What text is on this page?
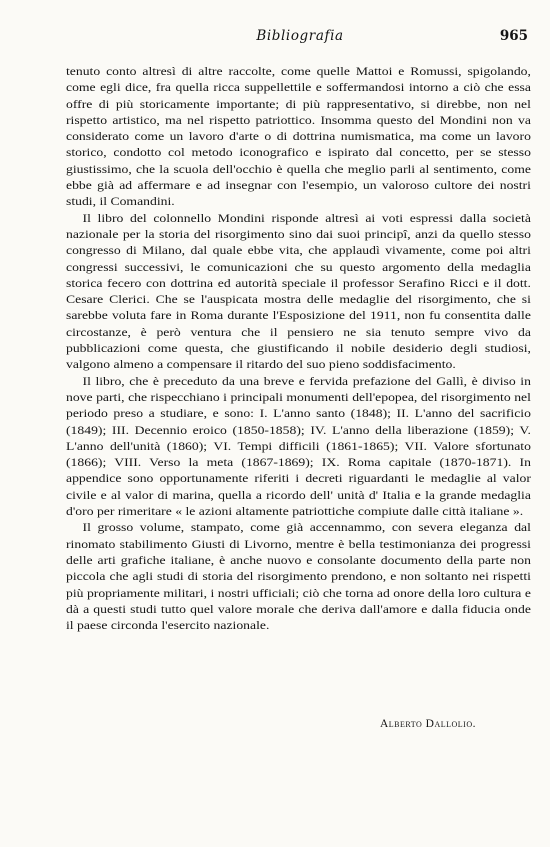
Bibliografia	965

tenuto conto altresì di altre raccolte, come quelle Mattoi e Romussi, spigolando, come egli dice, fra quella ricca suppellettile e soffermandosi intorno a ciò che essa offre di più storicamente importante; di più rappresentativo, si direbbe, non nel rispetto artistico, ma nel rispetto patriottico. Insomma questo del Mondini non va considerato come un lavoro d'arte o di dottrina numismatica, ma come un lavoro storico, condotto col metodo iconografico e ispirato dal concetto, per se stesso giustissimo, che la scuola dell'occhio è quella che meglio parli al sentimento, come ebbe già ad affermare e ad insegnar con l'esempio, un valoroso cultore dei nostri studi, il Comandini.

Il libro del colonnello Mondini risponde altresì ai voti espressi dalla società nazionale per la storia del risorgimento sino dai suoi principî, anzi da quello stesso congresso di Milano, dal quale ebbe vita, che applaudì vivamente, come poi altri congressi successivi, le comunicazioni che su questo argomento della medaglia storica fecero con dottrina ed autorità speciale il professor Serafino Ricci e il dott. Cesare Clerici. Che se l'auspicata mostra delle medaglie del risorgimento, che si sarebbe voluta fare in Roma durante l'Esposizione del 1911, non fu consentita dalle circostanze, è però ventura che il pensiero ne sia tenuto sempre vivo da pubblicazioni come questa, che giustificando il nobile desiderio degli studiosi, valgono almeno a compensare il ritardo del suo pieno soddisfacimento.

Il libro, che è preceduto da una breve e fervida prefazione del Gallì, è diviso in nove parti, che rispecchiano i principali monumenti dell'epopea, del risorgimento nel periodo preso a studiare, e sono: I. L'anno santo (1848); II. L'anno del sacrificio (1849); III. Decennio eroico (1850-1858); IV. L'anno della liberazione (1859); V. L'anno dell'unità (1860); VI. Tempi difficili (1861-1865); VII. Valore sfortunato (1866); VIII. Verso la meta (1867-1869); IX. Roma capitale (1870-1871). In appendice sono opportunamente riferiti i decreti riguardanti le medaglie al valor civile e al valor di marina, quella a ricordo dell' unità d' Italia e la grande medaglia d'oro per rimeritare « le azioni altamente patriottiche compiute dalle città italiane ».

Il grosso volume, stampato, come già accennammo, con severa eleganza dal rinomato stabilimento Giusti di Livorno, mentre è bella testimonianza dei progressi delle arti grafiche italiane, è anche nuovo e consolante documento della parte non piccola che agli studi di storia del risorgimento prendono, e non soltanto nei rispetti più propriamente militari, i nostri ufficiali; ciò che torna ad onore della loro cultura e dà a questi studi tutto quel valore morale che deriva dall'amore e dalla fiducia onde il paese circonda l'esercito nazionale.

Alberto Dallolio.
